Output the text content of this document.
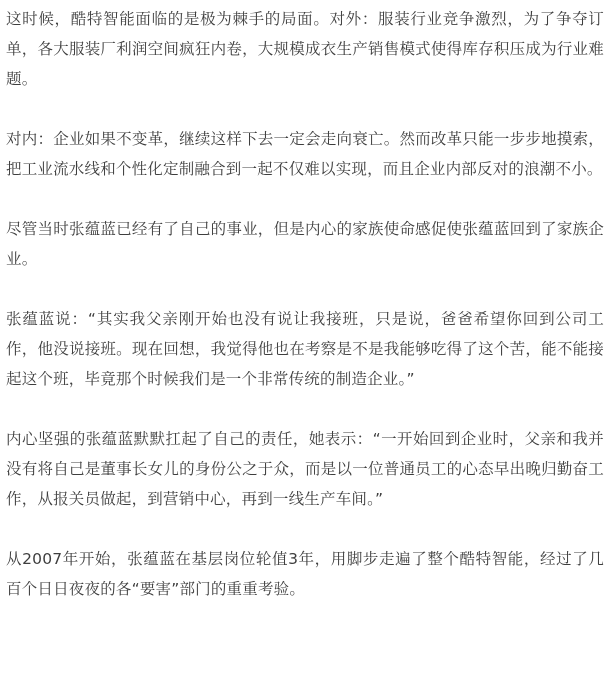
这时候，酷特智能面临的是极为棘手的局面。对外：服装行业竞争激烈，为了争夺订单，各大服装厂利润空间疯狂内卷，大规模成衣生产销售模式使得库存积压成为行业难题。

对内：企业如果不变革，继续这样下去一定会走向衰亡。然而改革只能一步步地摸索，把工业流水线和个性化定制融合到一起不仅难以实现，而且企业内部反对的浪潮不小。

尽管当时张蕴蓝已经有了自己的事业，但是内心的家族使命感促使张蕴蓝回到了家族企业。

张蕴蓝说：“其实我父亲刚开始也没有说让我接班，只是说，爸爸希望你回到公司工作，他没说接班。现在回想，我觉得他也在考察是不是我能够吃得了这个苦，能不能接起这个班，毕竟那个时候我们是一个非常传统的制造企业。”

内心坚强的张蕴蓝默默扛起了自己的责任，她表示：“一开始回到企业时，父亲和我并没有将自己是董事长女儿的身份公之于众，而是以一位普通员工的心态早出晚归勤奋工作，从报关员做起，到营销中心，再到一线生产车间。”

从2007年开始，张蕴蓝在基层岗位轮值3年，用脚步走遍了整个酷特智能，经过了几百个日日夜夜的各“要害”部门的重重考验。
